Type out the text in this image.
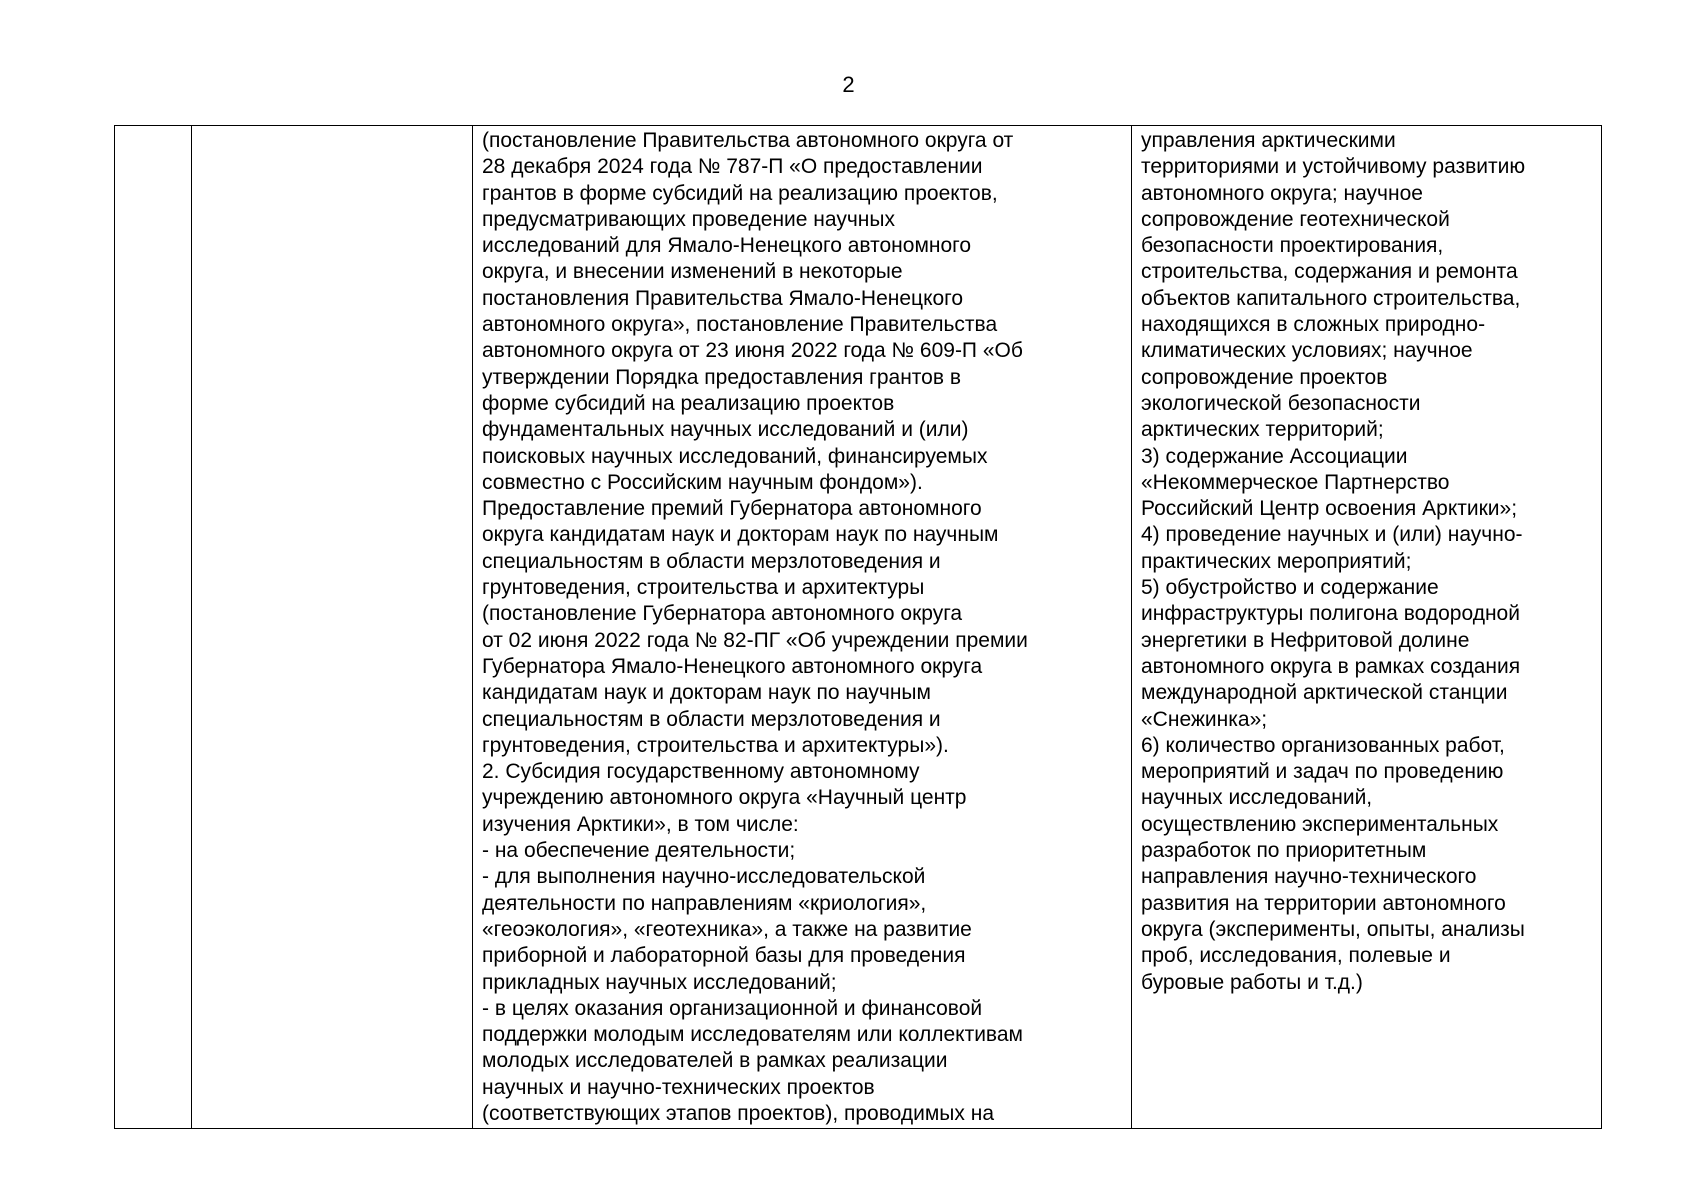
2

(постановление Правительства автономного округа от
28 декабря 2024 года № 787-П «О предоставлении
грантов в форме субсидий на реализацию проектов,
предусматривающих проведение научных
исследований для Ямало-Ненецкого автономного
округа, и внесении изменений в некоторые
постановления Правительства Ямало-Ненецкого
автономного округа», постановление Правительства
автономного округа от 23 июня 2022 года № 609-П «Об
утверждении Порядка предоставления грантов в
форме субсидий на реализацию проектов
фундаментальных научных исследований и (или)
поисковых научных исследований, финансируемых
совместно с Российским научным фондом»).
Предоставление премий Губернатора автономного
округа кандидатам наук и докторам наук по научным
специальностям в области мерзлотоведения и
грунтоведения, строительства и архитектуры
(постановление Губернатора автономного округа
от 02 июня 2022 года № 82-ПГ «Об учреждении премии
Губернатора Ямало-Ненецкого автономного округа
кандидатам наук и докторам наук по научным
специальностям в области мерзлотоведения и
грунтоведения, строительства и архитектуры»).
2. Субсидия государственному автономному
учреждению автономного округа «Научный центр
изучения Арктики», в том числе:
- на обеспечение деятельности;
- для выполнения научно-исследовательской
деятельности по направлениям «криология»,
«геоэкология», «геотехника», а также на развитие
приборной и лабораторной базы для проведения
прикладных научных исследований;
- в целях оказания организационной и финансовой
поддержки молодым исследователям или коллективам
молодых исследователей в рамках реализации
научных и научно-технических проектов
(соответствующих этапов проектов), проводимых на

управления арктическими
территориями и устойчивому развитию
автономного округа; научное
сопровождение геотехнической
безопасности проектирования,
строительства, содержания и ремонта
объектов капитального строительства,
находящихся в сложных природно-
климатических условиях; научное
сопровождение проектов
экологической безопасности
арктических территорий;
3) содержание Ассоциации
«Некоммерческое Партнерство
Российский Центр освоения Арктики»;
4) проведение научных и (или) научно-
практических мероприятий;
5) обустройство и содержание
инфраструктуры полигона водородной
энергетики в Нефритовой долине
автономного округа в рамках создания
международной арктической станции
«Снежинка»;
6) количество организованных работ,
мероприятий и задач по проведению
научных исследований,
осуществлению экспериментальных
разработок по приоритетным
направления научно-технического
развития на территории автономного
округа (эксперименты, опыты, анализы
проб, исследования, полевые и
буровые работы и т.д.)
